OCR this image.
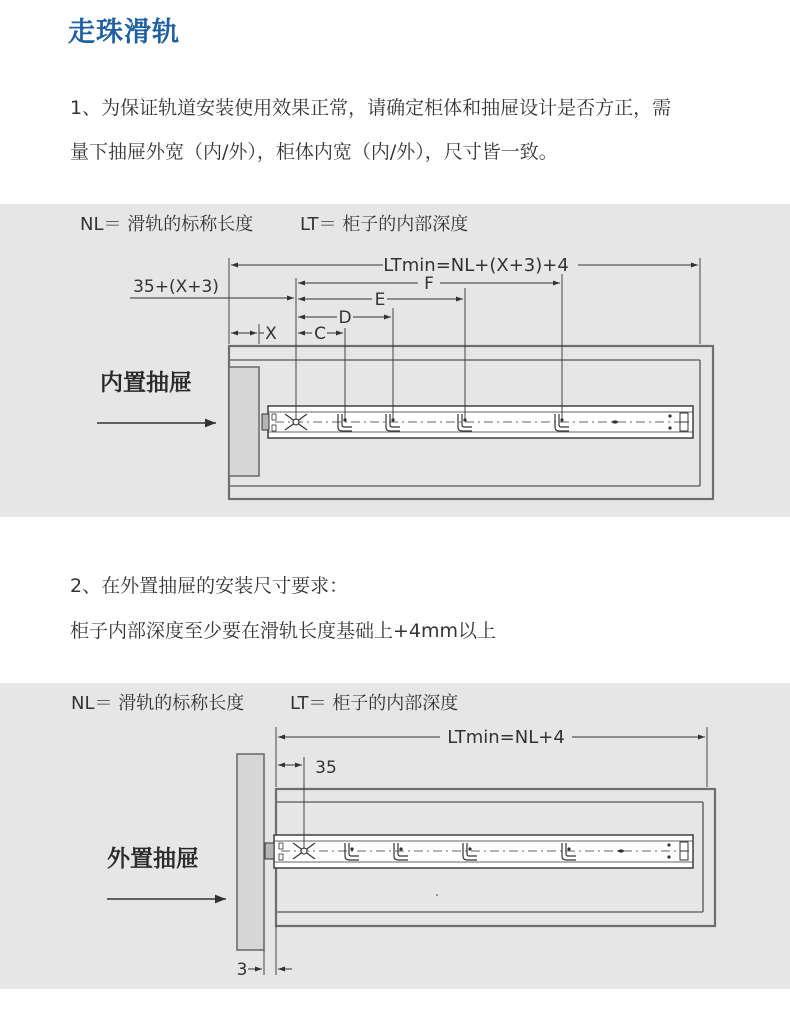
走珠滑轨
1、为保证轨道安装使用效果正常，请确定柜体和抽屉设计是否方正，需
量下抽屉外宽（内/外），柜体内宽（内/外），尺寸皆一致。
NL＝ 滑轨的标称长度	LT＝ 柜子的内部深度
内置抽屉
LTmin=NL+(X+3)+4
35+(X+3)	F
E
D
C
X
2、在外置抽屉的安装尺寸要求：
柜子内部深度至少要在滑轨长度基础上+4mm以上
NL＝ 滑轨的标称长度	LT＝ 柜子的内部深度
外置抽屉
LTmin=NL+4
35
3
